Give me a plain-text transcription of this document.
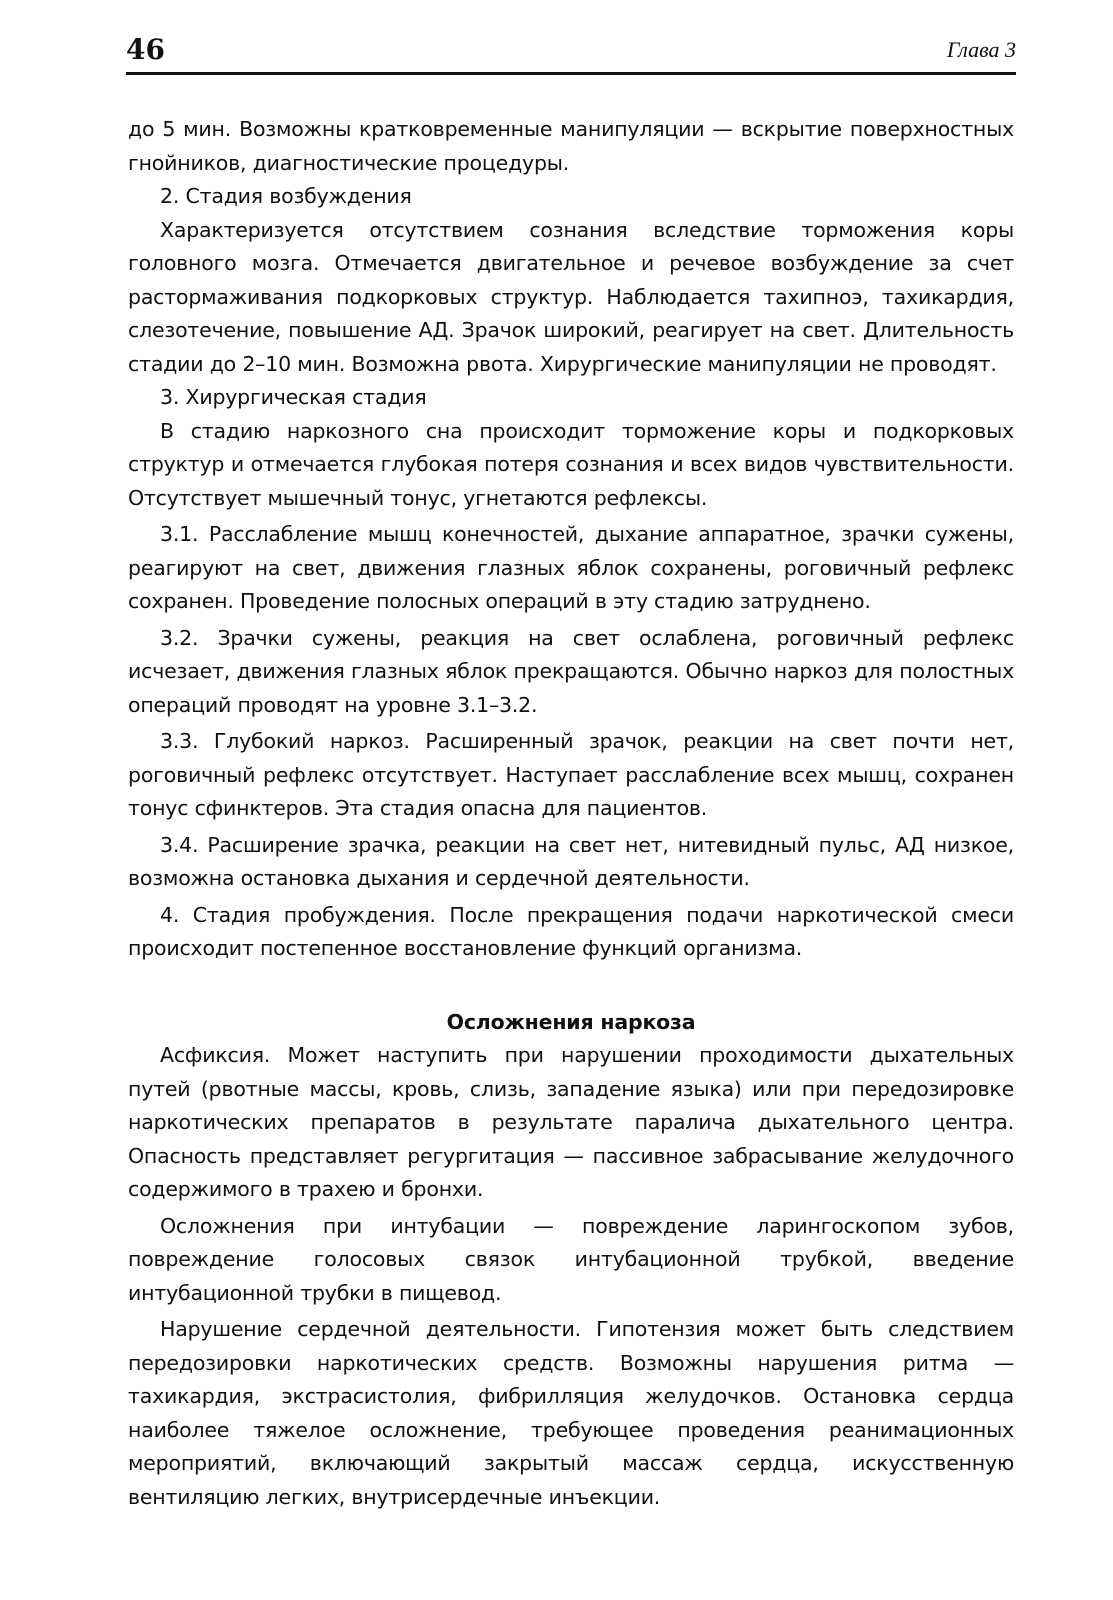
46	Глава 3

до 5 мин. Возможны кратковременные манипуляции — вскрытие поверхностных гнойников, диагностические процедуры.

2. Стадия возбуждения

Характеризуется отсутствием сознания вследствие торможения коры головного мозга. Отмечается двигательное и речевое возбуждение за счет растормаживания подкорковых структур. Наблюдается тахипноэ, тахикардия, слезотечение, повышение АД. Зрачок широкий, реагирует на свет. Длительность стадии до 2–10 мин. Возможна рвота. Хирургические манипуляции не проводят.

3. Хирургическая стадия

В стадию наркозного сна происходит торможение коры и подкорковых структур и отмечается глубокая потеря сознания и всех видов чувствительности. Отсутствует мышечный тонус, угнетаются рефлексы.

3.1. Расслабление мышц конечностей, дыхание аппаратное, зрачки сужены, реагируют на свет, движения глазных яблок сохранены, роговичный рефлекс сохранен. Проведение полосных операций в эту стадию затруднено.

3.2. Зрачки сужены, реакция на свет ослаблена, роговичный рефлекс исчезает, движения глазных яблок прекращаются. Обычно наркоз для полостных операций проводят на уровне 3.1–3.2.

3.3. Глубокий наркоз. Расширенный зрачок, реакции на свет почти нет, роговичный рефлекс отсутствует. Наступает расслабление всех мышц, сохранен тонус сфинктеров. Эта стадия опасна для пациентов.

3.4. Расширение зрачка, реакции на свет нет, нитевидный пульс, АД низкое, возможна остановка дыхания и сердечной деятельности.

4. Стадия пробуждения. После прекращения подачи наркотической смеси происходит постепенное восстановление функций организма.

Осложнения наркоза

Асфиксия. Может наступить при нарушении проходимости дыхательных путей (рвотные массы, кровь, слизь, западение языка) или при передозировке наркотических препаратов в результате паралича дыхательного центра. Опасность представляет регургитация — пассивное забрасывание желудочного содержимого в трахею и бронхи.

Осложнения при интубации — повреждение ларингоскопом зубов, повреждение голосовых связок интубационной трубкой, введение интубационной трубки в пищевод.

Нарушение сердечной деятельности. Гипотензия может быть следствием передозировки наркотических средств. Возможны нарушения ритма — тахикардия, экстрасистолия, фибрилляция желудочков. Остановка сердца наиболее тяжелое осложнение, требующее проведения реанимационных мероприятий, включающий закрытый массаж сердца, искусственную вентиляцию легких, внутрисердечные инъекции.
